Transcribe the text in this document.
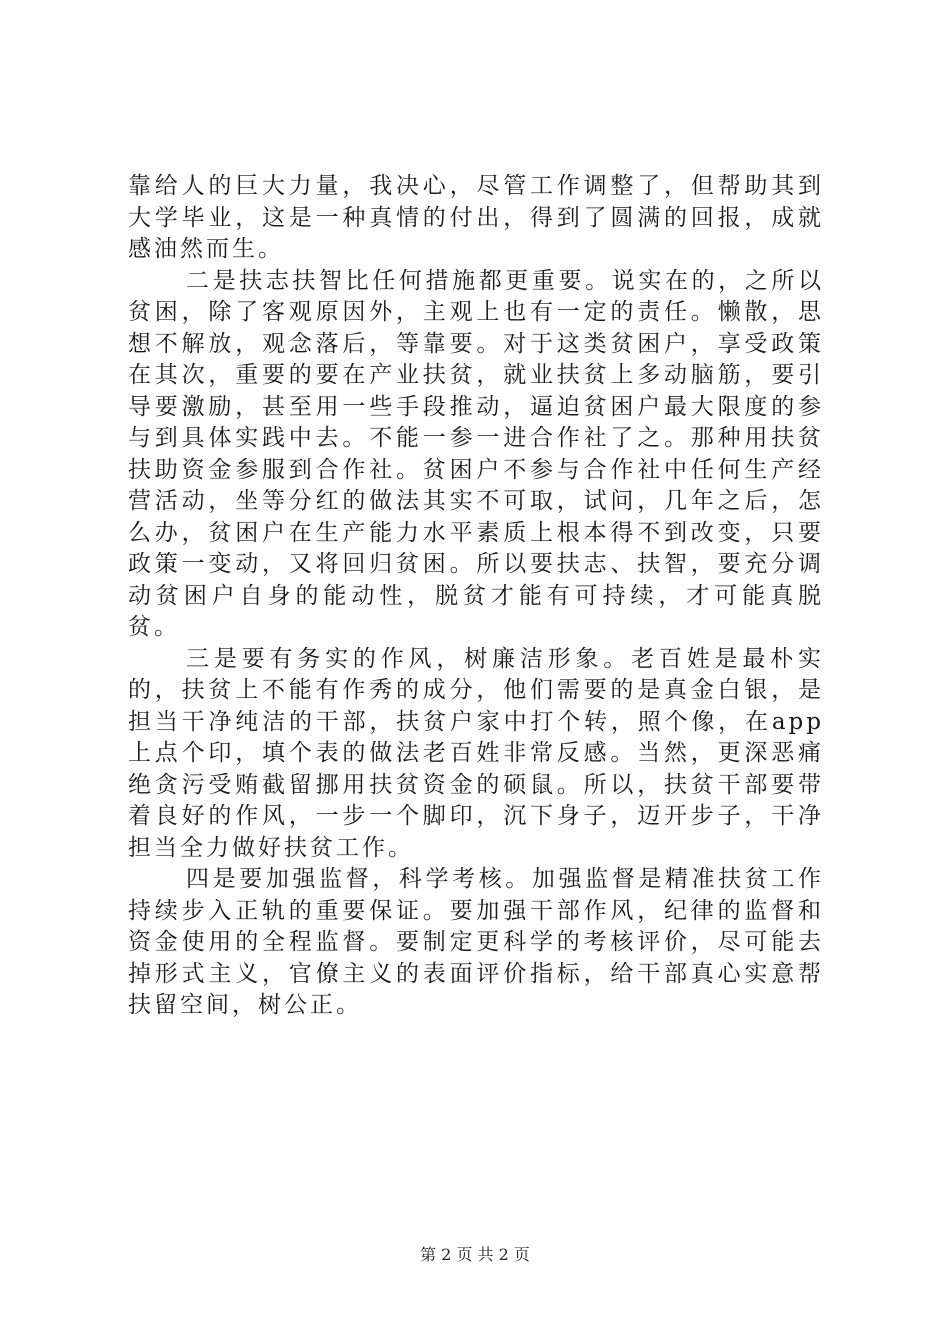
靠给人的巨大力量，我决心，尽管工作调整了，但帮助其到大学毕业，这是一种真情的付出，得到了圆满的回报，成就感油然而生。

二是扶志扶智比任何措施都更重要。说实在的，之所以贫困，除了客观原因外，主观上也有一定的责任。懒散，思想不解放，观念落后，等靠要。对于这类贫困户，享受政策在其次，重要的要在产业扶贫，就业扶贫上多动脑筋，要引导要激励，甚至用一些手段推动，逼迫贫困户最大限度的参与到具体实践中去。不能一参一进合作社了之。那种用扶贫扶助资金参服到合作社。贫困户不参与合作社中任何生产经营活动，坐等分红的做法其实不可取，试问，几年之后，怎么办，贫困户在生产能力水平素质上根本得不到改变，只要政策一变动，又将回归贫困。所以要扶志、扶智，要充分调动贫困户自身的能动性，脱贫才能有可持续，才可能真脱贫。

三是要有务实的作风，树廉洁形象。老百姓是最朴实的，扶贫上不能有作秀的成分，他们需要的是真金白银，是担当干净纯洁的干部，扶贫户家中打个转，照个像，在app上点个印，填个表的做法老百姓非常反感。当然，更深恶痛绝贪污受贿截留挪用扶贫资金的硕鼠。所以，扶贫干部要带着良好的作风，一步一个脚印，沉下身子，迈开步子，干净担当全力做好扶贫工作。

四是要加强监督，科学考核。加强监督是精准扶贫工作持续步入正轨的重要保证。要加强干部作风，纪律的监督和资金使用的全程监督。要制定更科学的考核评价，尽可能去掉形式主义，官僚主义的表面评价指标，给干部真心实意帮扶留空间，树公正。

第 2 页 共 2 页
